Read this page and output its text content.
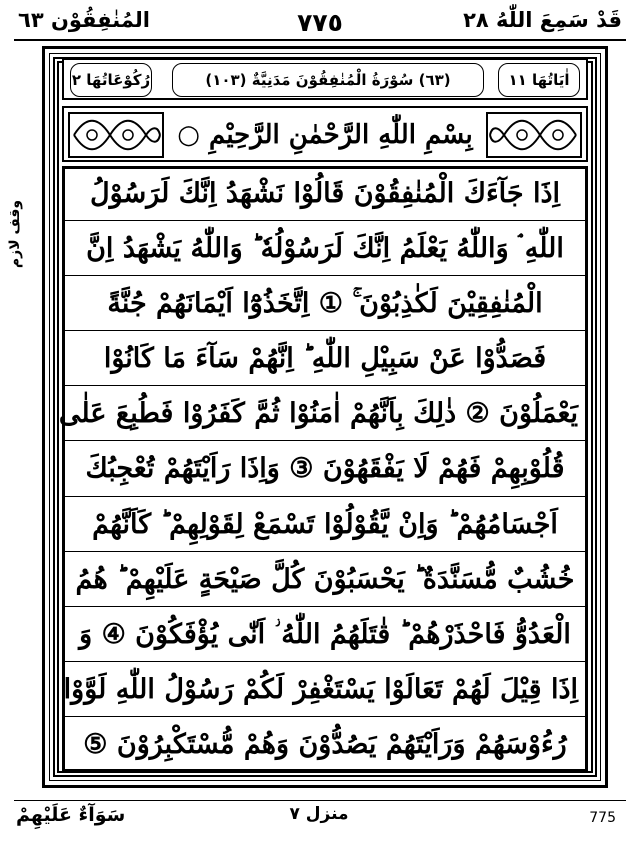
المُنٰفِقُوْن ٦٣	٧٧٥	قَدْ سَمِعَ اللّٰهُ ٢٨
وقف لازم
رُكُوْعَاتُهَا ٢	(٦٣) سُوْرَةُ الْمُنٰفِقُوْنَ مَدَنِيَّةٌ (١٠٣)	اٰيَاتُهَا ١١
بِسْمِ اللّٰهِ الرَّحْمٰنِ الرَّحِيْمِ ○
اِذَا جَآءَكَ الْمُنٰفِقُوْنَ قَالُوْا نَشْهَدُ اِنَّكَ لَرَسُوْلُ
اللّٰهِ ۘ وَاللّٰهُ يَعْلَمُ اِنَّكَ لَرَسُوْلُهٗ ؕ وَاللّٰهُ يَشْهَدُ اِنَّ
الْمُنٰفِقِيْنَ لَكٰذِبُوْنَ ۚ ① اِتَّخَذُوْٓا اَيْمَانَهُمْ جُنَّةً
فَصَدُّوْا عَنْ سَبِيْلِ اللّٰهِ ؕ اِنَّهُمْ سَآءَ مَا كَانُوْا
يَعْمَلُوْنَ ② ذٰلِكَ بِاَنَّهُمْ اٰمَنُوْا ثُمَّ كَفَرُوْا فَطُبِعَ عَلٰى
قُلُوْبِهِمْ فَهُمْ لَا يَفْقَهُوْنَ ③ وَاِذَا رَاَيْتَهُمْ تُعْجِبُكَ
اَجْسَامُهُمْ ؕ وَاِنْ يَّقُوْلُوْا تَسْمَعْ لِقَوْلِهِمْ ؕ كَاَنَّهُمْ
خُشُبٌ مُّسَنَّدَةٌ ؕ يَحْسَبُوْنَ كُلَّ صَيْحَةٍ عَلَيْهِمْ ؕ هُمُ
الْعَدُوُّ فَاحْذَرْهُمْ ؕ قٰتَلَهُمُ اللّٰهُ ؗ اَنّٰى يُؤْفَكُوْنَ ④ وَ
اِذَا قِيْلَ لَهُمْ تَعَالَوْا يَسْتَغْفِرْ لَكُمْ رَسُوْلُ اللّٰهِ لَوَّوْا
رُءُوْسَهُمْ وَرَاَيْتَهُمْ يَصُدُّوْنَ وَهُمْ مُّسْتَكْبِرُوْنَ ⑤
سَوَآءٌ عَلَيْهِمْ	منزل ٧	775
